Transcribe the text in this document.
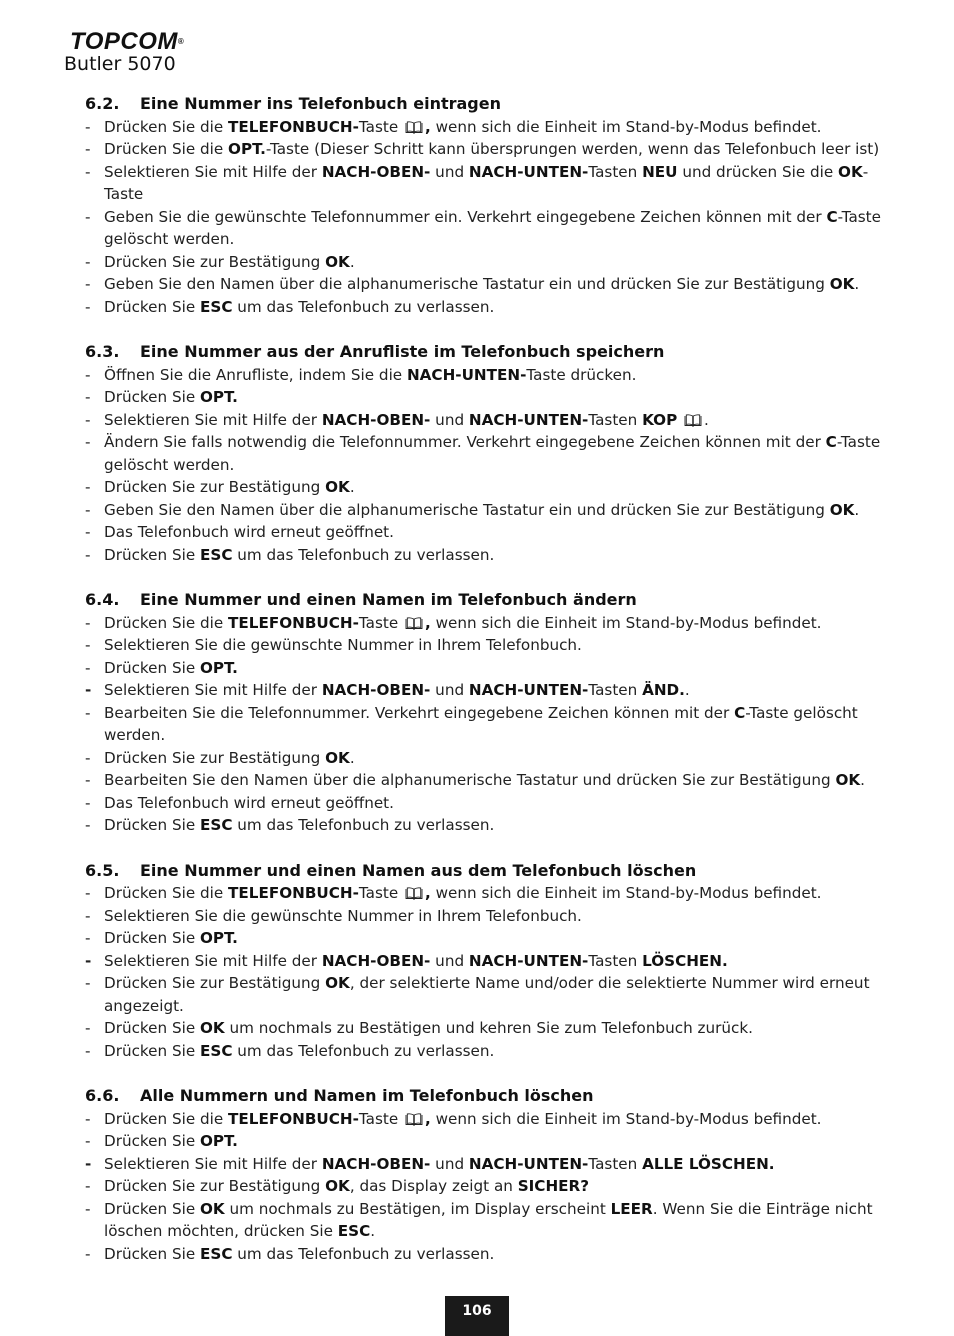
TOPCOM®
Butler 5070
6.2.	Eine Nummer ins Telefonbuch eintragen
- Drücken Sie die TELEFONBUCH-Taste
, wenn sich die Einheit im Stand-by-Modus befindet.
- Drücken Sie die OPT.-Taste (Dieser Schritt kann übersprungen werden, wenn das Telefonbuch leer ist)
- Selektieren Sie mit Hilfe der NACH-OBEN- und NACH-UNTEN-Tasten NEU und drücken Sie die OK-Taste
- Geben Sie die gewünschte Telefonnummer ein. Verkehrt eingegebene Zeichen können mit der C-Taste gelöscht werden.
- Drücken Sie zur Bestätigung OK.
- Geben Sie den Namen über die alphanumerische Tastatur ein und drücken Sie zur Bestätigung OK.
- Drücken Sie ESC um das Telefonbuch zu verlassen.
6.3.	Eine Nummer aus der Anrufliste im Telefonbuch speichern
- Öffnen Sie die Anrufliste, indem Sie die NACH-UNTEN-Taste drücken.
- Drücken Sie OPT.
- Selektieren Sie mit Hilfe der NACH-OBEN- und NACH-UNTEN-Tasten KOP .
- Ändern Sie falls notwendig die Telefonnummer. Verkehrt eingegebene Zeichen können mit der C-Taste gelöscht werden.
- Drücken Sie zur Bestätigung OK.
- Geben Sie den Namen über die alphanumerische Tastatur ein und drücken Sie zur Bestätigung OK.
- Das Telefonbuch wird erneut geöffnet.
- Drücken Sie ESC um das Telefonbuch zu verlassen.
6.4.	Eine Nummer und einen Namen im Telefonbuch ändern
- Drücken Sie die TELEFONBUCH-Taste
, wenn sich die Einheit im Stand-by-Modus befindet.
- Selektieren Sie die gewünschte Nummer in Ihrem Telefonbuch.
- Drücken Sie OPT.
- Selektieren Sie mit Hilfe der NACH-OBEN- und NACH-UNTEN-Tasten ÄND..
- Bearbeiten Sie die Telefonnummer. Verkehrt eingegebene Zeichen können mit der C-Taste gelöscht werden.
- Drücken Sie zur Bestätigung OK.
- Bearbeiten Sie den Namen über die alphanumerische Tastatur und drücken Sie zur Bestätigung OK.
- Das Telefonbuch wird erneut geöffnet.
- Drücken Sie ESC um das Telefonbuch zu verlassen.
6.5.	Eine Nummer und einen Namen aus dem Telefonbuch löschen
- Drücken Sie die TELEFONBUCH-Taste
, wenn sich die Einheit im Stand-by-Modus befindet.
- Selektieren Sie die gewünschte Nummer in Ihrem Telefonbuch.
- Drücken Sie OPT.
- Selektieren Sie mit Hilfe der NACH-OBEN- und NACH-UNTEN-Tasten LÖSCHEN.
- Drücken Sie zur Bestätigung OK, der selektierte Name und/oder die selektierte Nummer wird erneut angezeigt.
- Drücken Sie OK um nochmals zu Bestätigen und kehren Sie zum Telefonbuch zurück.
- Drücken Sie ESC um das Telefonbuch zu verlassen.
6.6.	Alle Nummern und Namen im Telefonbuch löschen
- Drücken Sie die TELEFONBUCH-Taste
, wenn sich die Einheit im Stand-by-Modus befindet.
- Drücken Sie OPT.
- Selektieren Sie mit Hilfe der NACH-OBEN- und NACH-UNTEN-Tasten ALLE LÖSCHEN.
- Drücken Sie zur Bestätigung OK, das Display zeigt an SICHER?
- Drücken Sie OK um nochmals zu Bestätigen, im Display erscheint LEER. Wenn Sie die Einträge nicht löschen möchten, drücken Sie ESC.
- Drücken Sie ESC um das Telefonbuch zu verlassen.
106
